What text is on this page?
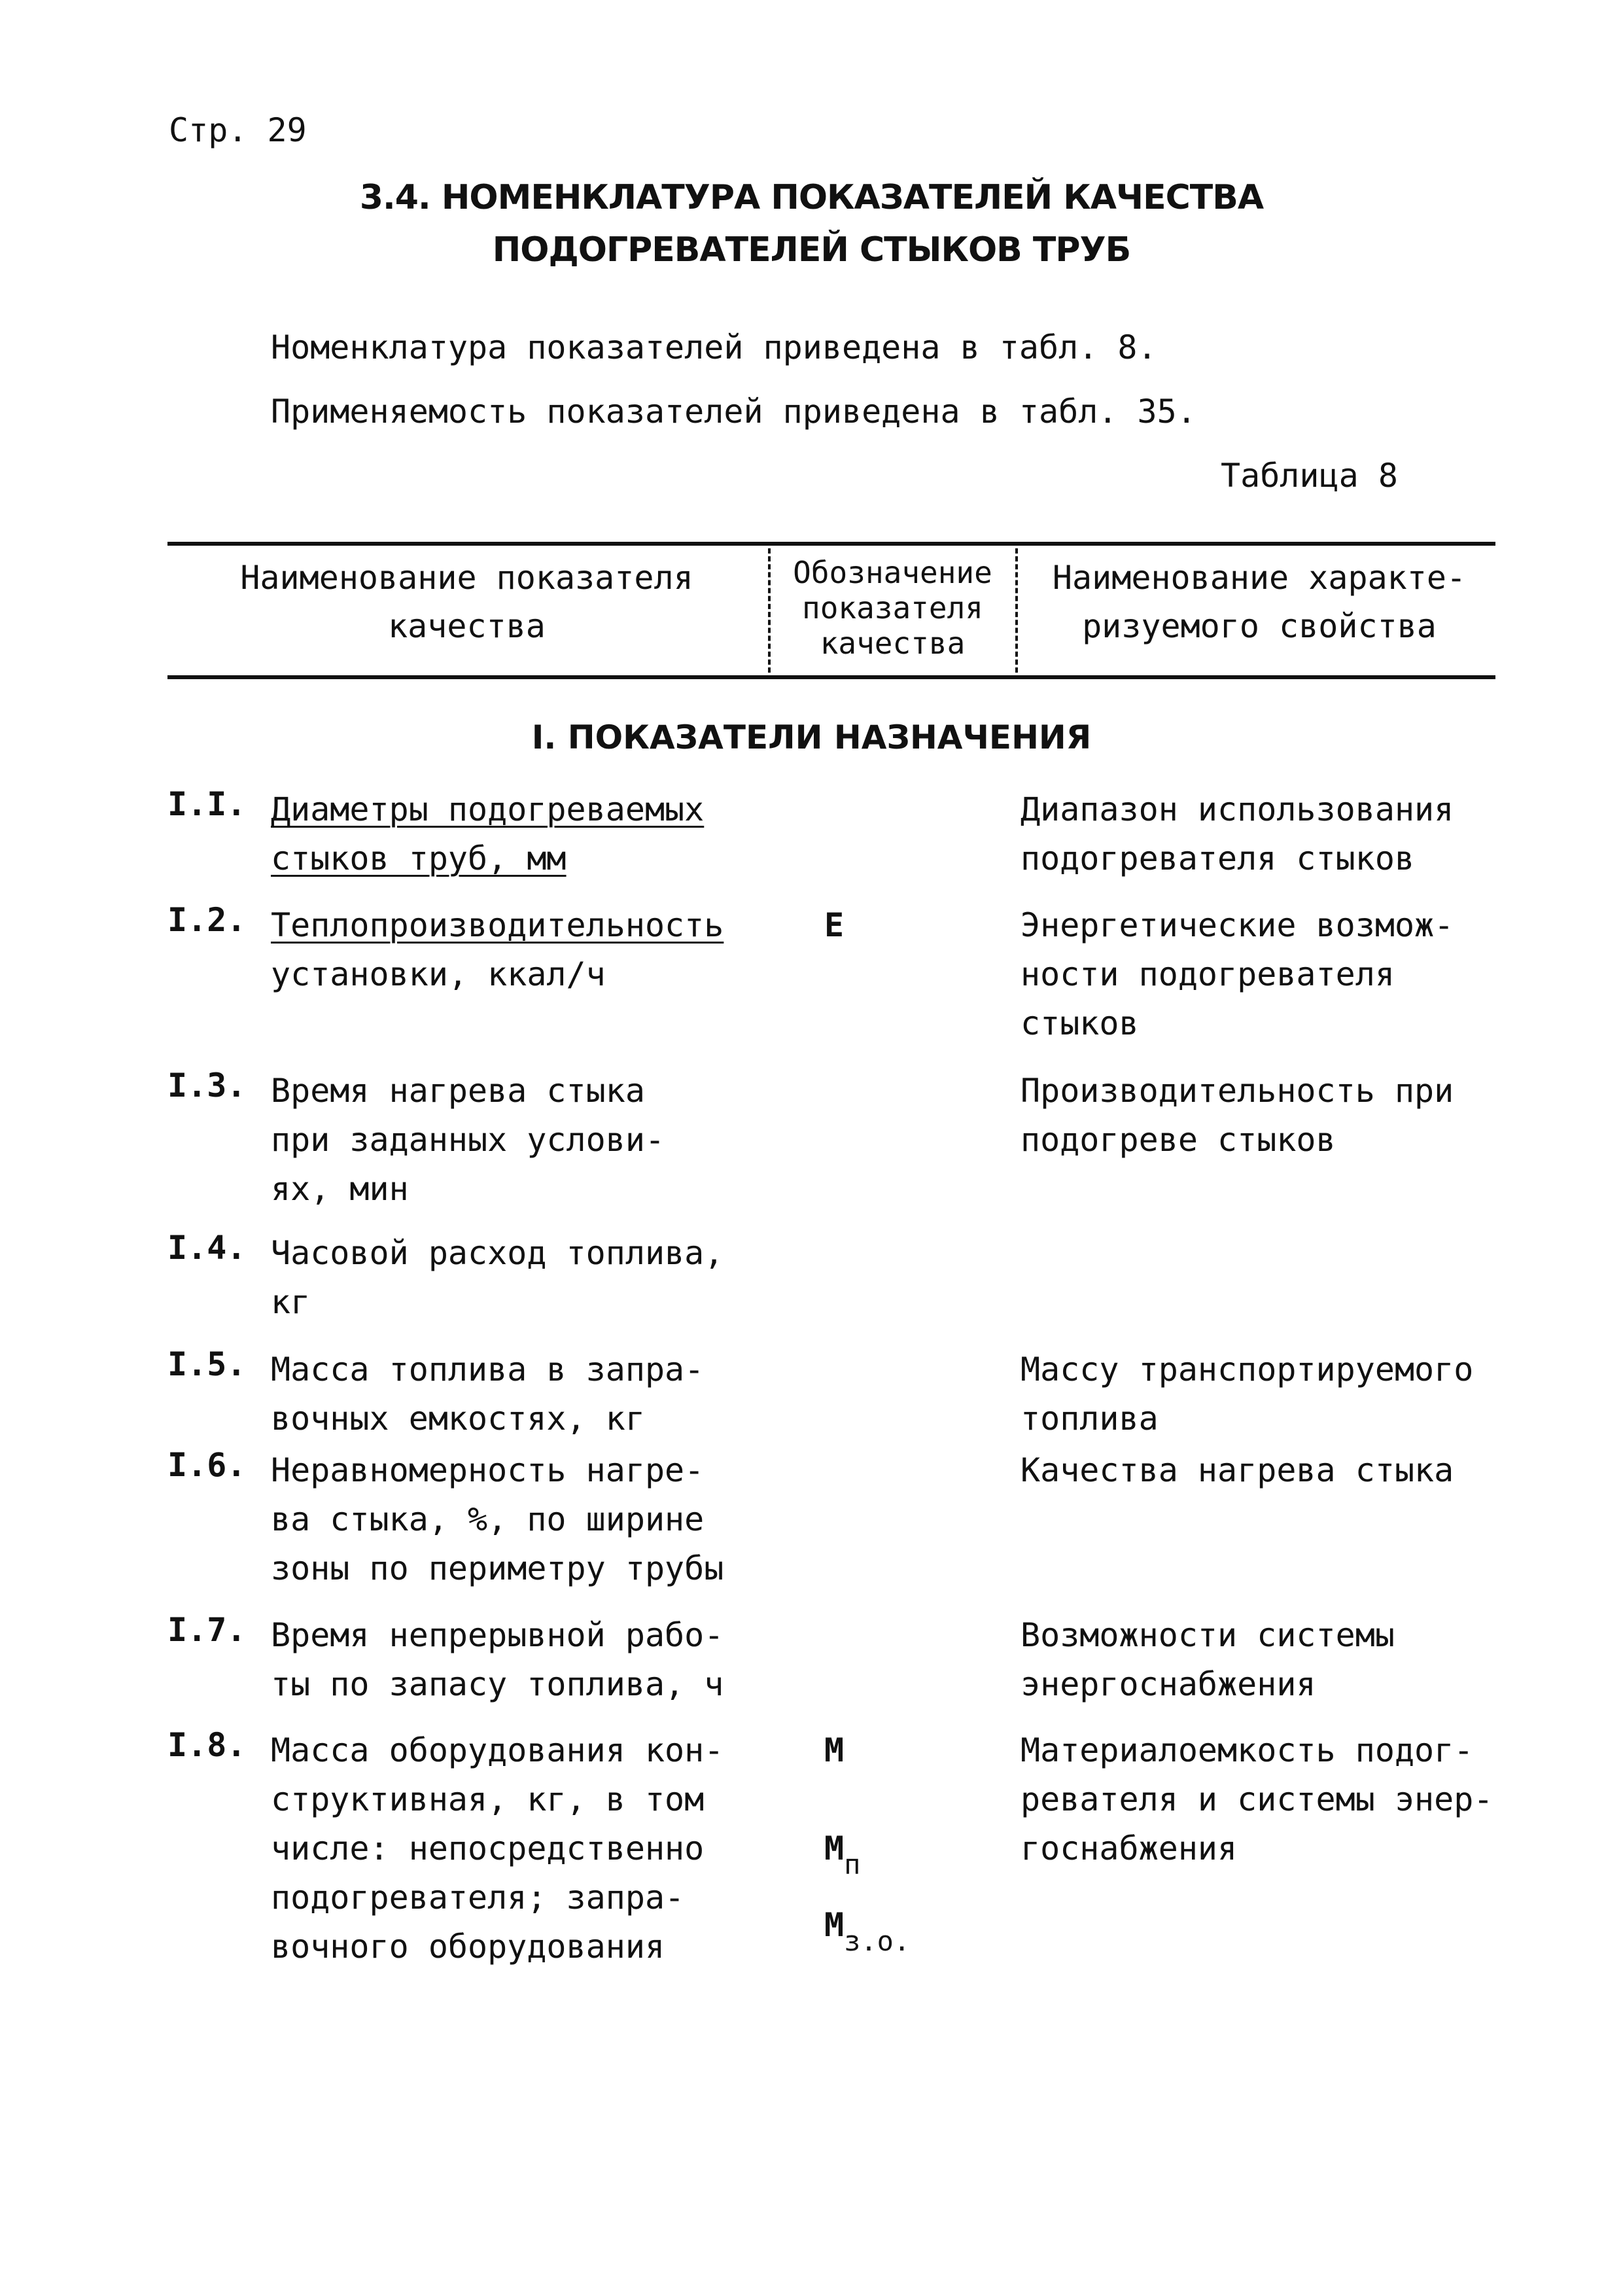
Стр. 29
3.4. НОМЕНКЛАТУРА ПОКАЗАТЕЛЕЙ КАЧЕСТВА
ПОДОГРЕВАТЕЛЕЙ СТЫКОВ ТРУБ
Номенклатура показателей приведена в табл. 8.
Применяемость показателей приведена в табл. 35.
Таблица 8
Наименование показателя
качества
Обозначение
показателя
качества
Наименование характе-
ризуемого свойства
I. ПОКАЗАТЕЛИ НАЗНАЧЕНИЯ
I.I. Диаметры подогреваемых
стыков труб, мм
Диапазон использования
подогревателя стыков
I.2. Теплопроизводительность
установки, ккал/ч
Е	Энергетические возмож-
ности подогревателя
стыков
I.3. Время нагрева стыка
при заданных услови-
ях, мин
Производительность при
подогреве стыков
I.4. Часовой расход топлива,
кг
I.5. Масса топлива в запра-
вочных емкостях, кг
Массу транспортируемого
топлива
I.6. Неравномерность нагре-
ва стыка, %, по ширине
зоны по периметру трубы
Качества нагрева стыка
I.7. Время непрерывной рабо-
ты по запасу топлива, ч
Возможности системы
энергоснабжения
I.8. Масса оборудования кон-
структивная, кг, в том
числе: непосредственно
подогревателя; запра-
вочного оборудования
М
$М_п$
$М_{з.о.}$
Материалоемкость подог-
ревателя и системы энер-
госнабжения
